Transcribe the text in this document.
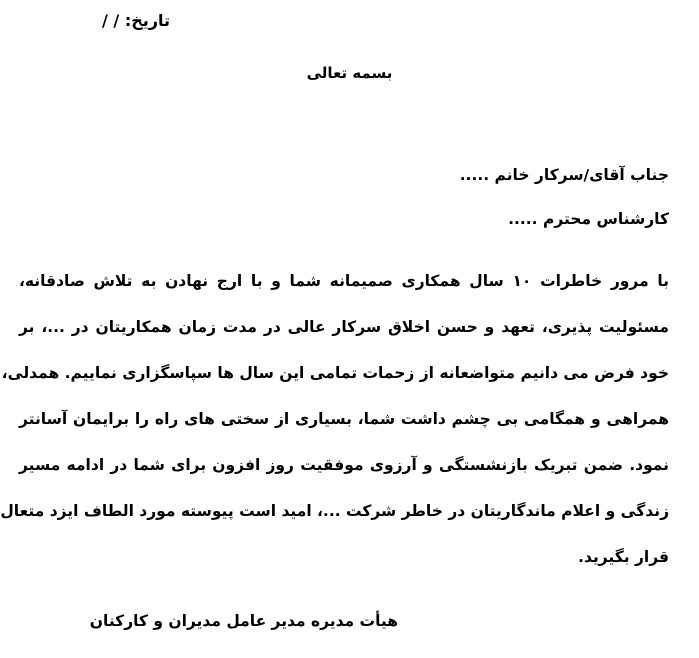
تاریخ: / /
بسمه تعالی
جناب آقای/سرکار خانم .....
کارشناس محترم .....
با مرور خاطرات ۱۰ سال همکاری صمیمانه شما و با ارج نهادن به تلاش صادقانه،
مسئولیت پذیری، تعهد و حسن اخلاق سرکار عالی در مدت زمان همکاریتان در ...، بر
خود فرض می دانیم متواضعانه از زحمات تمامی این سال ها سپاسگزاری نماییم. همدلی،
همراهی و همگامی بی چشم داشت شما، بسیاری از سختی های راه را برایمان آسانتر
نمود. ضمن تبریک بازنشستگی و آرزوی موفقیت روز افزون برای شما در ادامه مسیر
زندگی و اعلام ماندگاریتان در خاطر شرکت ...، امید است پیوسته مورد الطاف ایزد متعال
قرار بگیرید.
هیأت مدیره مدیر عامل مدیران و کارکنان
